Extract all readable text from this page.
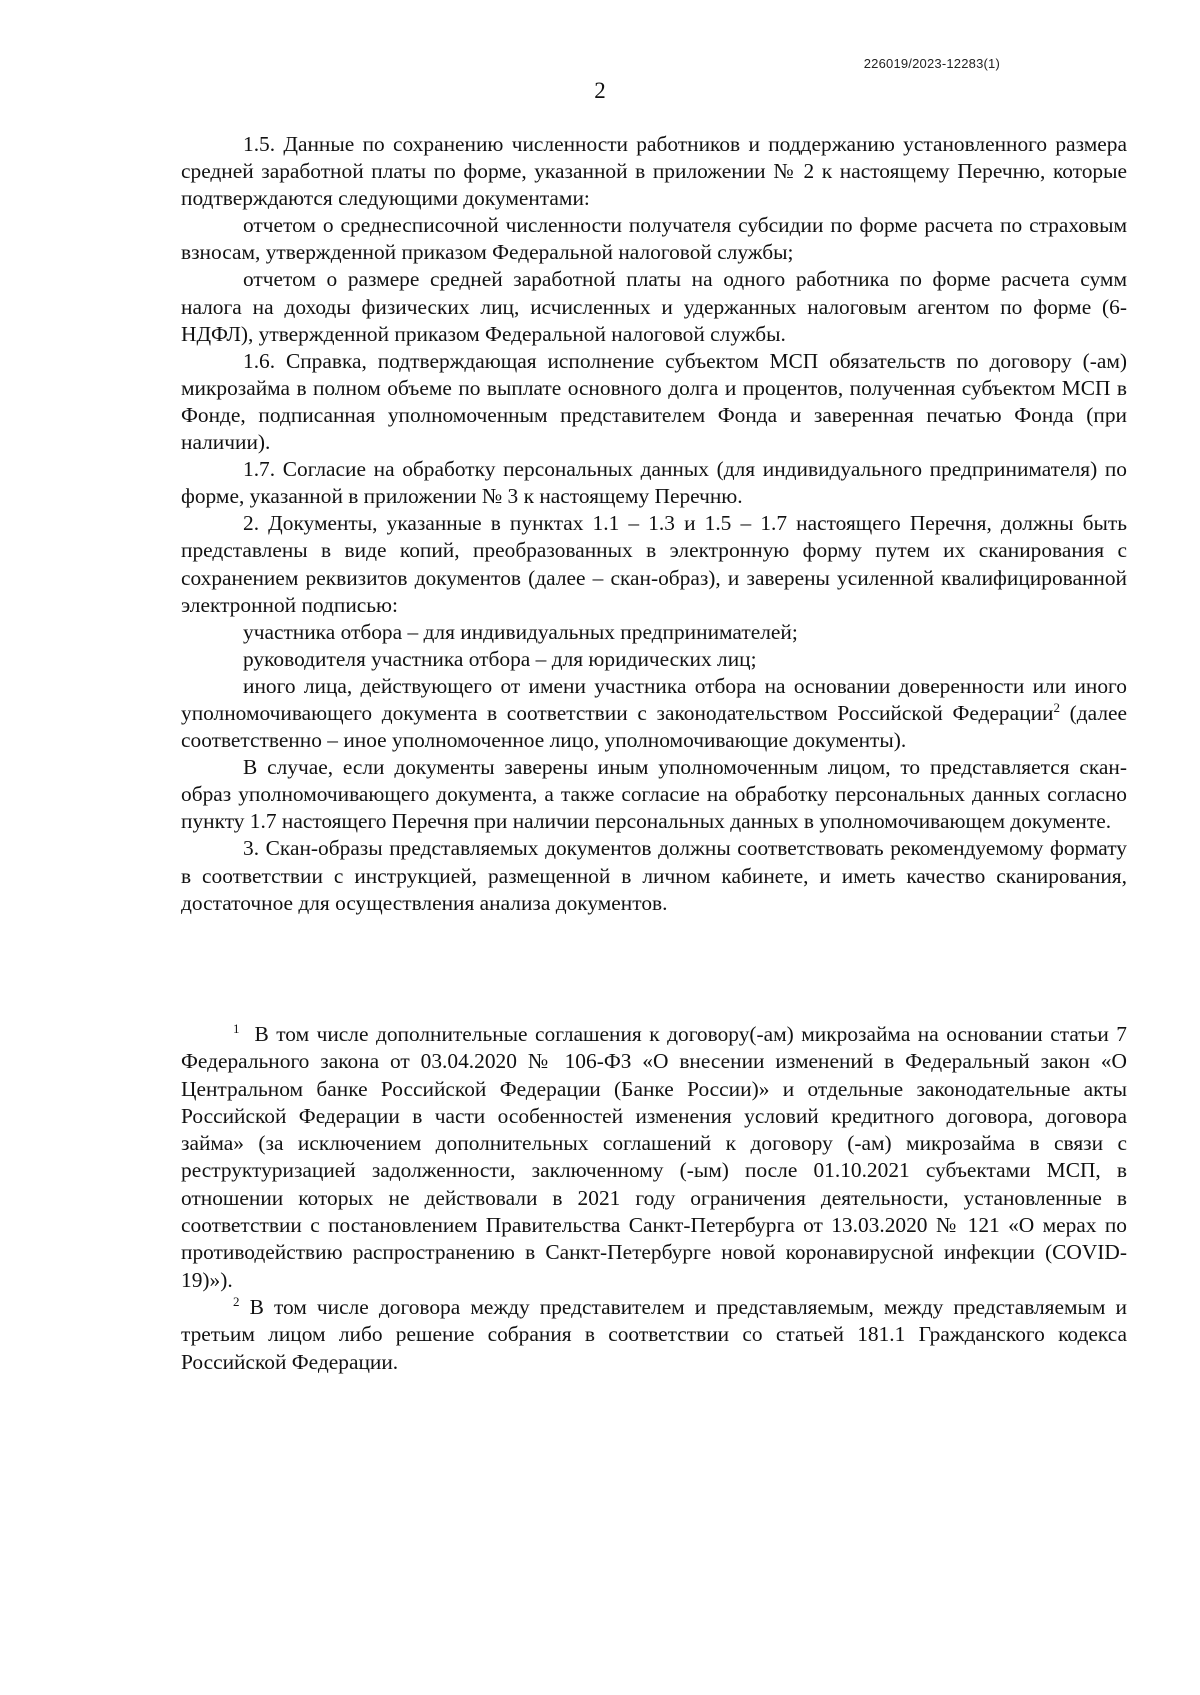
226019/2023-12283(1)
2

1.5. Данные по сохранению численности работников и поддержанию установленного размера средней заработной платы по форме, указанной в приложении № 2 к настоящему Перечню, которые подтверждаются следующими документами:

отчетом о среднесписочной численности получателя субсидии по форме расчета по страховым взносам, утвержденной приказом Федеральной налоговой службы;

отчетом о размере средней заработной платы на одного работника по форме расчета сумм налога на доходы физических лиц, исчисленных и удержанных налоговым агентом по форме (6-НДФЛ), утвержденной приказом Федеральной налоговой службы.

1.6. Справка, подтверждающая исполнение субъектом МСП обязательств по договору (-ам) микрозайма в полном объеме по выплате основного долга и процентов, полученная субъектом МСП в Фонде, подписанная уполномоченным представителем Фонда и заверенная печатью Фонда (при наличии).

1.7. Согласие на обработку персональных данных (для индивидуального предпринимателя) по форме, указанной в приложении № 3 к настоящему Перечню.

2. Документы, указанные в пунктах 1.1 – 1.3 и 1.5 – 1.7 настоящего Перечня, должны быть представлены в виде копий, преобразованных в электронную форму путем их сканирования с сохранением реквизитов документов (далее – скан-образ), и заверены усиленной квалифицированной электронной подписью:

участника отбора – для индивидуальных предпринимателей;

руководителя участника отбора – для юридических лиц;

иного лица, действующего от имени участника отбора на основании доверенности или иного уполномочивающего документа в соответствии с законодательством Российской Федерации$^2$ (далее соответственно – иное уполномоченное лицо, уполномочивающие документы).

В случае, если документы заверены иным уполномоченным лицом, то представляется скан-образ уполномочивающего документа, а также согласие на обработку персональных данных согласно пункту 1.7 настоящего Перечня при наличии персональных данных в уполномочивающем документе.

3. Скан-образы представляемых документов должны соответствовать рекомендуемому формату в соответствии с инструкцией, размещенной в личном кабинете, и иметь качество сканирования, достаточное для осуществления анализа документов.

$^1$ В том числе дополнительные соглашения к договору(-ам) микрозайма на основании статьи 7 Федерального закона от 03.04.2020 № 106-ФЗ «О внесении изменений в Федеральный закон «О Центральном банке Российской Федерации (Банке России)» и отдельные законодательные акты Российской Федерации в части особенностей изменения условий кредитного договора, договора займа» (за исключением дополнительных соглашений к договору (-ам) микрозайма в связи с реструктуризацией задолженности, заключенному (-ым) после 01.10.2021 субъектами МСП, в отношении которых не действовали в 2021 году ограничения деятельности, установленные в соответствии с постановлением Правительства Санкт-Петербурга от 13.03.2020 № 121 «О мерах по противодействию распространению в Санкт-Петербурге новой коронавирусной инфекции (COVID-19)»).

$^2$ В том числе договора между представителем и представляемым, между представляемым и третьим лицом либо решение собрания в соответствии со статьей 181.1 Гражданского кодекса Российской Федерации.
